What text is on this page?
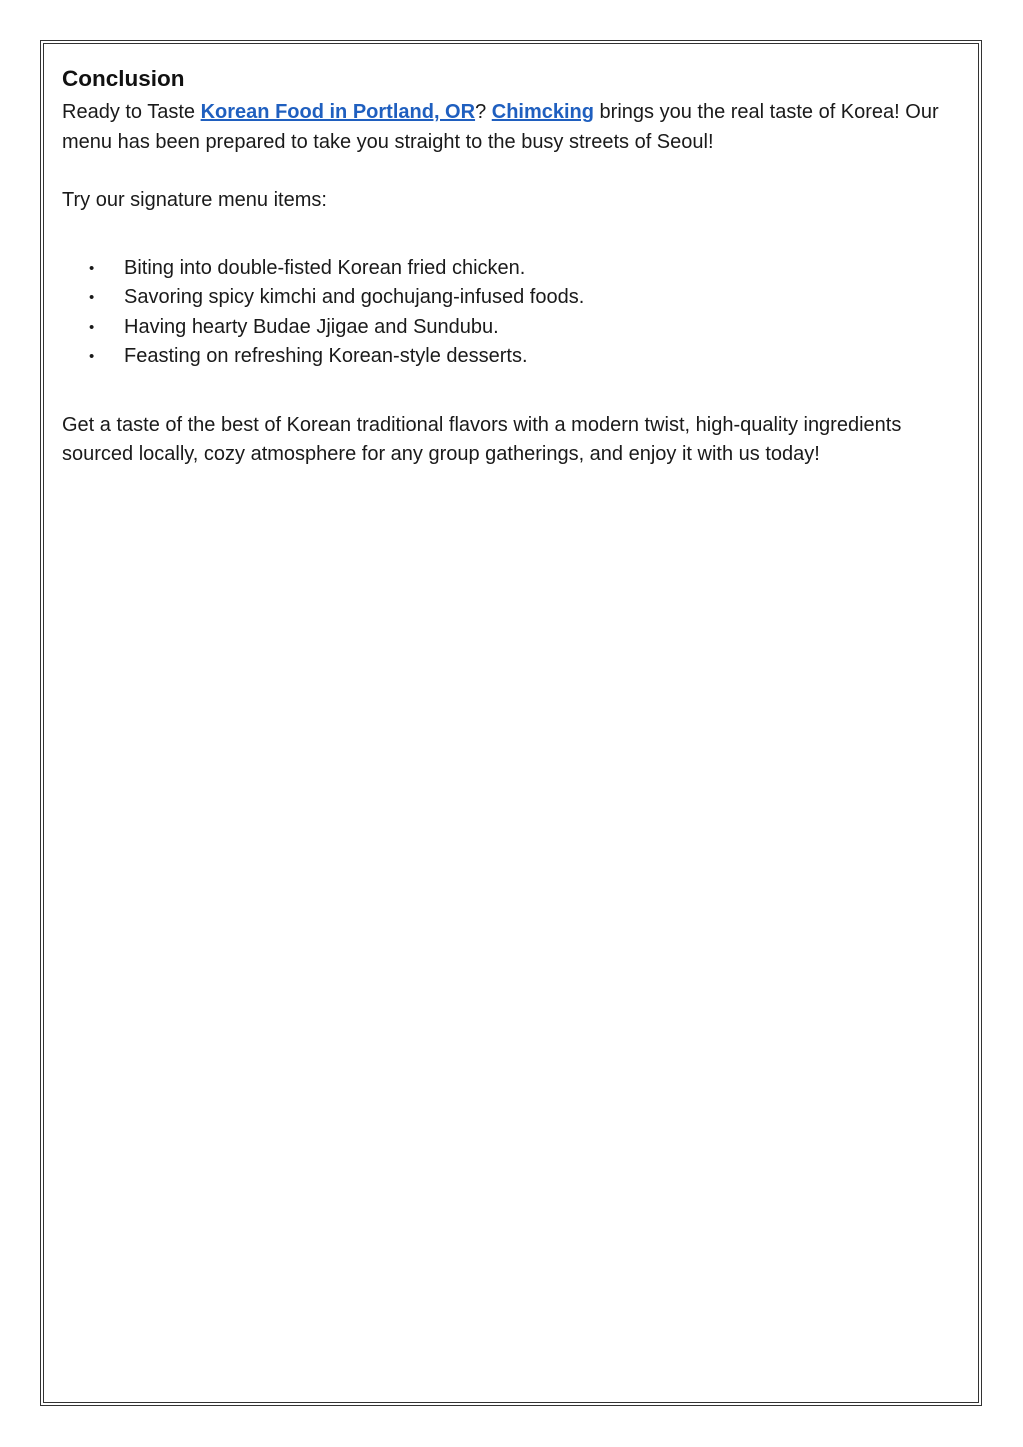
Conclusion

Ready to Taste Korean Food in Portland, OR? Chimcking brings you the real taste of Korea! Our menu has been prepared to take you straight to the busy streets of Seoul!

Try our signature menu items:

• Biting into double-fisted Korean fried chicken.
• Savoring spicy kimchi and gochujang-infused foods.
• Having hearty Budae Jjigae and Sundubu.
• Feasting on refreshing Korean-style desserts.

Get a taste of the best of Korean traditional flavors with a modern twist, high-quality ingredients sourced locally, cozy atmosphere for any group gatherings, and enjoy it with us today!
